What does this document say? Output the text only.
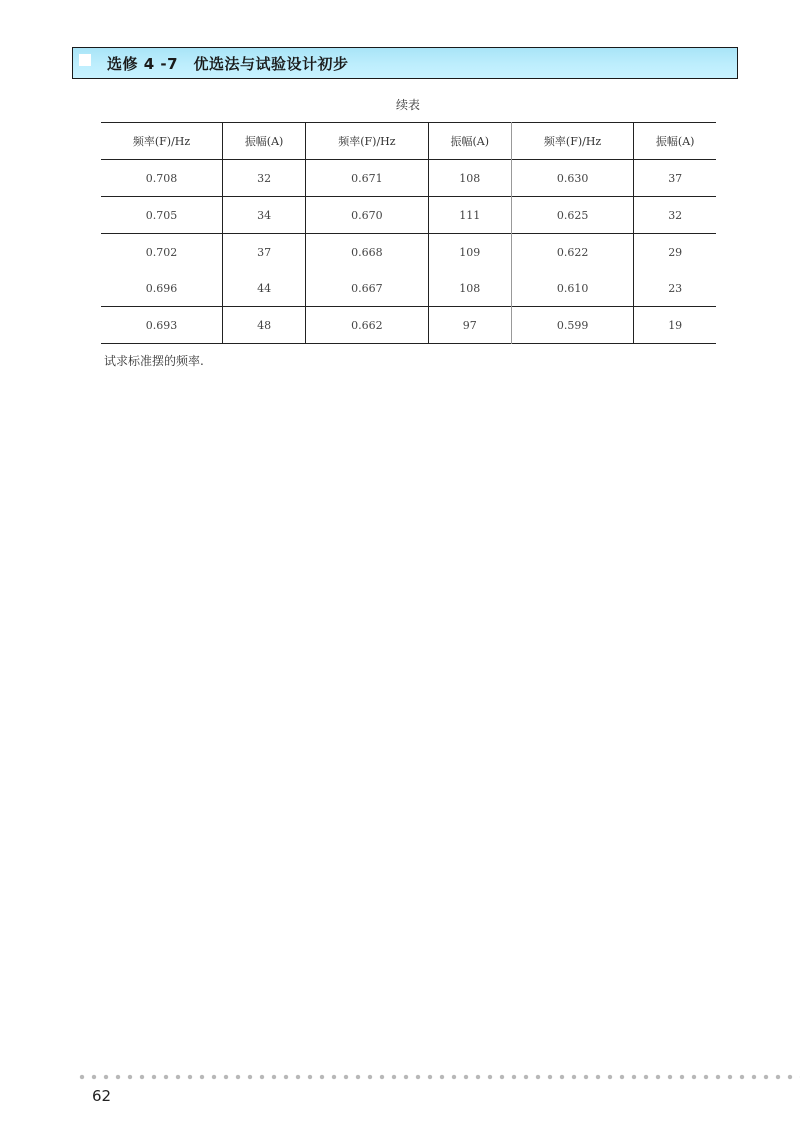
选修 4 -7　优选法与试验设计初步
续表
频率(F)/Hz	振幅(A)	频率(F)/Hz	振幅(A)	频率(F)/Hz	振幅(A)
0.708	32	0.671	108	0.630	37
0.705	34	0.670	111	0.625	32
0.702	37	0.668	109	0.622	29
0.696	44	0.667	108	0.610	23
0.693	48	0.662	97	0.599	19
试求标准摆的频率.
62
